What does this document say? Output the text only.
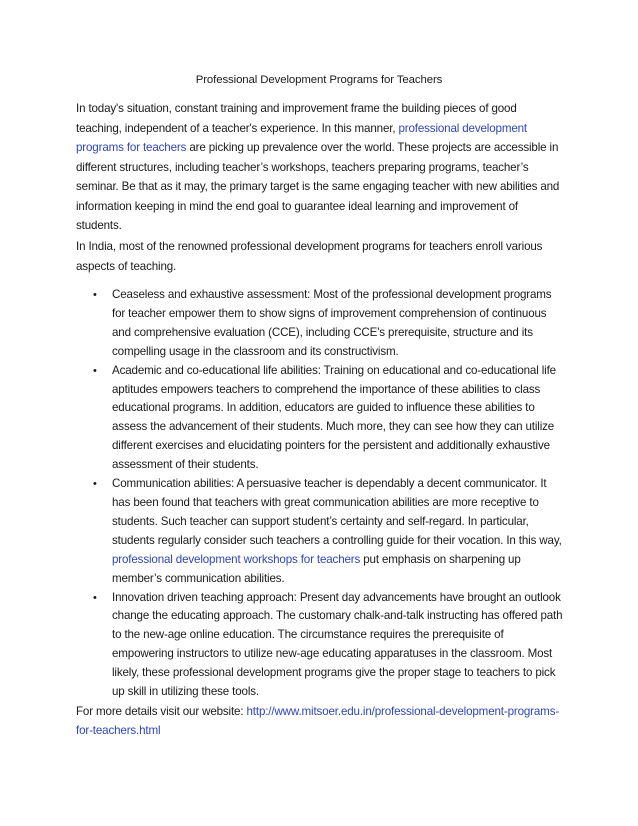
Professional Development Programs for Teachers

In today's situation, constant training and improvement frame the building pieces of good teaching, independent of a teacher's experience. In this manner, professional development programs for teachers are picking up prevalence over the world. These projects are accessible in different structures, including teacher’s workshops, teachers preparing programs, teacher’s seminar. Be that as it may, the primary target is the same engaging teacher with new abilities and information keeping in mind the end goal to guarantee ideal learning and improvement of students.

In India, most of the renowned professional development programs for teachers enroll various aspects of teaching.

• Ceaseless and exhaustive assessment: Most of the professional development programs for teacher empower them to show signs of improvement comprehension of continuous and comprehensive evaluation (CCE), including CCE's prerequisite, structure and its compelling usage in the classroom and its constructivism.
• Academic and co-educational life abilities: Training on educational and co-educational life aptitudes empowers teachers to comprehend the importance of these abilities to class educational programs. In addition, educators are guided to influence these abilities to assess the advancement of their students. Much more, they can see how they can utilize different exercises and elucidating pointers for the persistent and additionally exhaustive assessment of their students.
• Communication abilities: A persuasive teacher is dependably a decent communicator. It has been found that teachers with great communication abilities are more receptive to students. Such teacher can support student’s certainty and self-regard. In particular, students regularly consider such teachers a controlling guide for their vocation. In this way, professional development workshops for teachers put emphasis on sharpening up member’s communication abilities.
• Innovation driven teaching approach: Present day advancements have brought an outlook change the educating approach. The customary chalk-and-talk instructing has offered path to the new-age online education. The circumstance requires the prerequisite of empowering instructors to utilize new-age educating apparatuses in the classroom. Most likely, these professional development programs give the proper stage to teachers to pick up skill in utilizing these tools.

For more details visit our website: http://www.mitsoer.edu.in/professional-development-programs-for-teachers.html
